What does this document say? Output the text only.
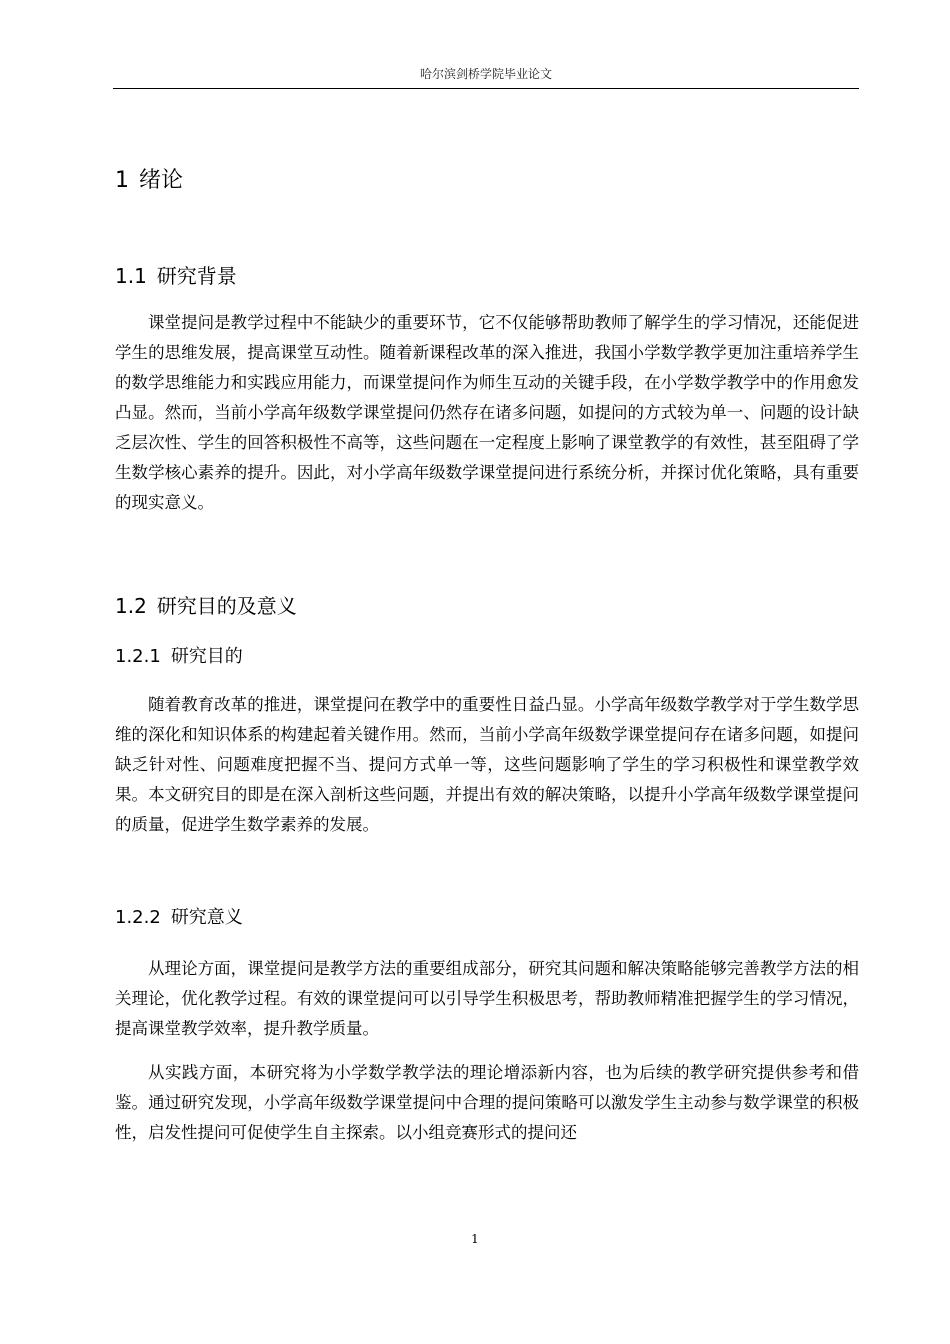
哈尔滨剑桥学院毕业论文
1 绪论
1.1 研究背景

课堂提问是教学过程中不能缺少的重要环节，它不仅能够帮助教师了解学生的学习情况，还能促进学生的思维发展，提高课堂互动性。随着新课程改革的深入推进，我国小学数学教学更加注重培养学生的数学思维能力和实践应用能力，而课堂提问作为师生互动的关键手段，在小学数学教学中的作用愈发凸显。然而，当前小学高年级数学课堂提问仍然存在诸多问题，如提问的方式较为单一、问题的设计缺乏层次性、学生的回答积极性不高等，这些问题在一定程度上影响了课堂教学的有效性，甚至阻碍了学生数学核心素养的提升。因此，对小学高年级数学课堂提问进行系统分析，并探讨优化策略，具有重要的现实意义。

1.2 研究目的及意义
1.2.1 研究目的

随着教育改革的推进，课堂提问在教学中的重要性日益凸显。小学高年级数学教学对于学生数学思维的深化和知识体系的构建起着关键作用。然而，当前小学高年级数学课堂提问存在诸多问题，如提问缺乏针对性、问题难度把握不当、提问方式单一等，这些问题影响了学生的学习积极性和课堂教学效果。本文研究目的即是在深入剖析这些问题，并提出有效的解决策略，以提升小学高年级数学课堂提问的质量，促进学生数学素养的发展。

1.2.2 研究意义

从理论方面，课堂提问是教学方法的重要组成部分，研究其问题和解决策略能够完善教学方法的相关理论，优化教学过程。有效的课堂提问可以引导学生积极思考，帮助教师精准把握学生的学习情况，提高课堂教学效率，提升教学质量。

从实践方面，本研究将为小学数学教学法的理论增添新内容，也为后续的教学研究提供参考和借鉴。通过研究发现，小学高年级数学课堂提问中合理的提问策略可以激发学生主动参与数学课堂的积极性，启发性提问可促使学生自主探索。以小组竞赛形式的提问还

1
